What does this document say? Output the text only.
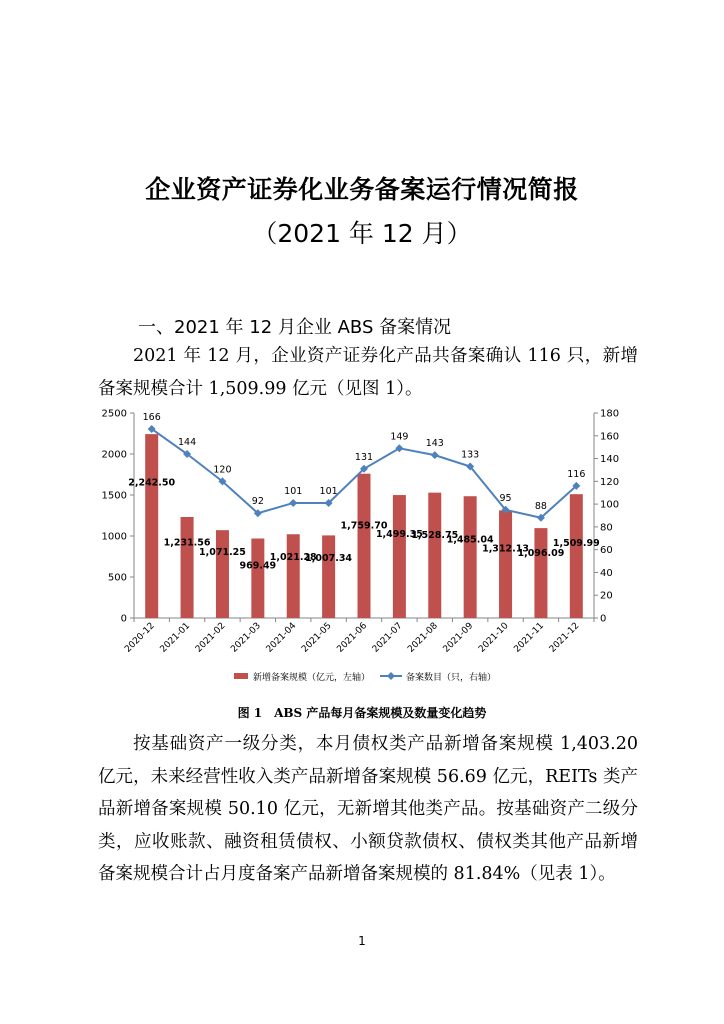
企业资产证券化业务备案运行情况简报
（2021 年 12 月）
一、2021 年 12 月企业 ABS 备案情况
2021 年 12 月，企业资产证券化产品共备案确认 116 只，新增备案规模合计 1,509.99 亿元（见图 1）。
0
500
1000
1500
2000
2500
0
20
40
60
80
100
120
140
160
180
2020-12 2021-01 2021-02 2021-03 2021-04 2021-05 2021-06 2021-07 2021-08 2021-09 2021-10 2021-11 2021-12
2,242.50
1,231.56
1,071.25
969.49
1,021.28
1,007.34
1,759.70
1,499.35
1,528.75
1,485.04
1,312.13
1,096.09
1,509.99
166
144
120
92
101 101
131
149
143
133
95
88
116
新增备案规模（亿元，左轴）	备案数目（只，右轴）
图 1　ABS 产品每月备案规模及数量变化趋势
按基础资产一级分类，本月债权类产品新增备案规模 1,403.20 亿元，未来经营性收入类产品新增备案规模 56.69 亿元，REITs 类产品新增备案规模 50.10 亿元，无新增其他类产品。按基础资产二级分类，应收账款、融资租赁债权、小额贷款债权、债权类其他产品新增备案规模合计占月度备案产品新增备案规模的 81.84%（见表 1）。
1
